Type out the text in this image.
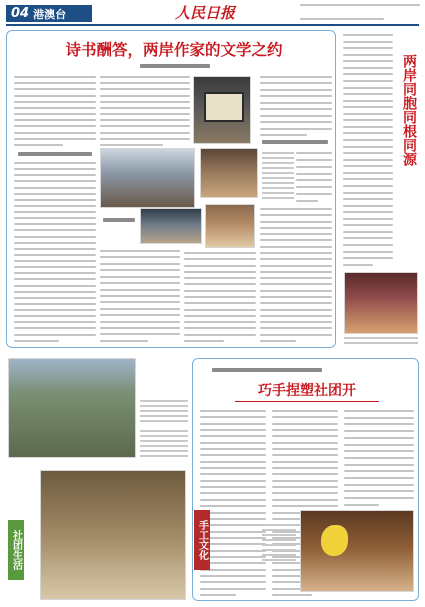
04 港澳台	人民日报
诗书酬答，两岸作家的文学之约
两岸同胞同根同源
社团生活
巧手捏塑社团开
手工文化
